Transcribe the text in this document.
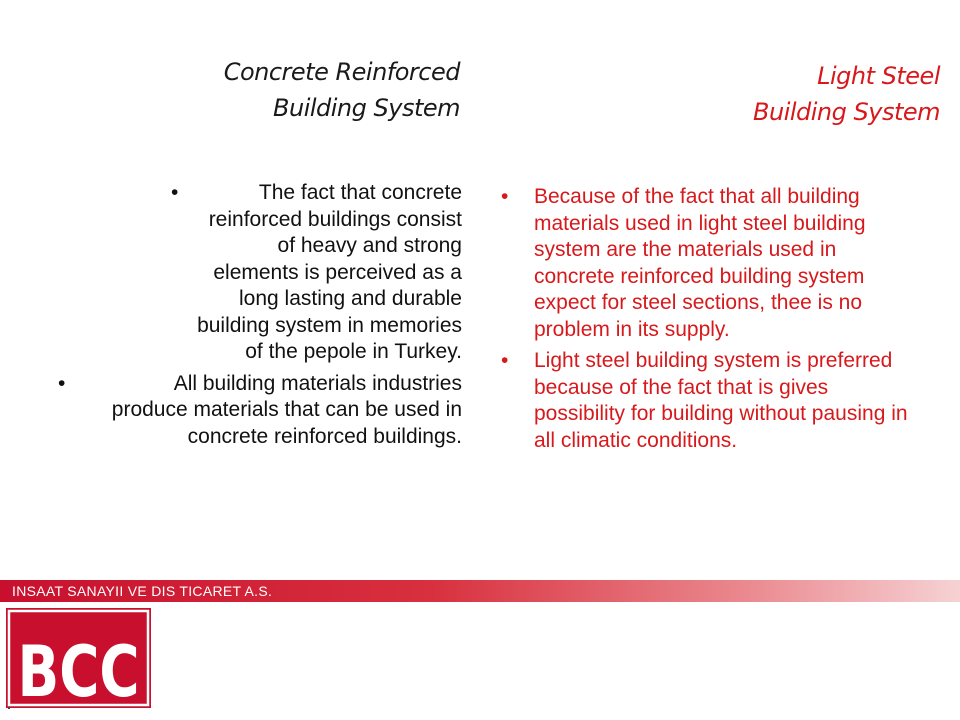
Concrete Reinforced
Building System
Light Steel
Building System
• The fact that concrete reinforced buildings consist of heavy and strong elements is perceived as a long lasting and durable building system in memories of the pepole in Turkey.
• All building materials industries produce materials that can be used in concrete reinforced buildings.
• Because of the fact that all building materials used in light steel building system are the materials used in concrete reinforced building system expect for steel sections, thee is no problem in its supply.
• Light steel building system is preferred because of the fact that is gives possibility for building without pausing in all climatic conditions.
INSAAT SANAYII VE DIS TICARET A.S.
BCC
